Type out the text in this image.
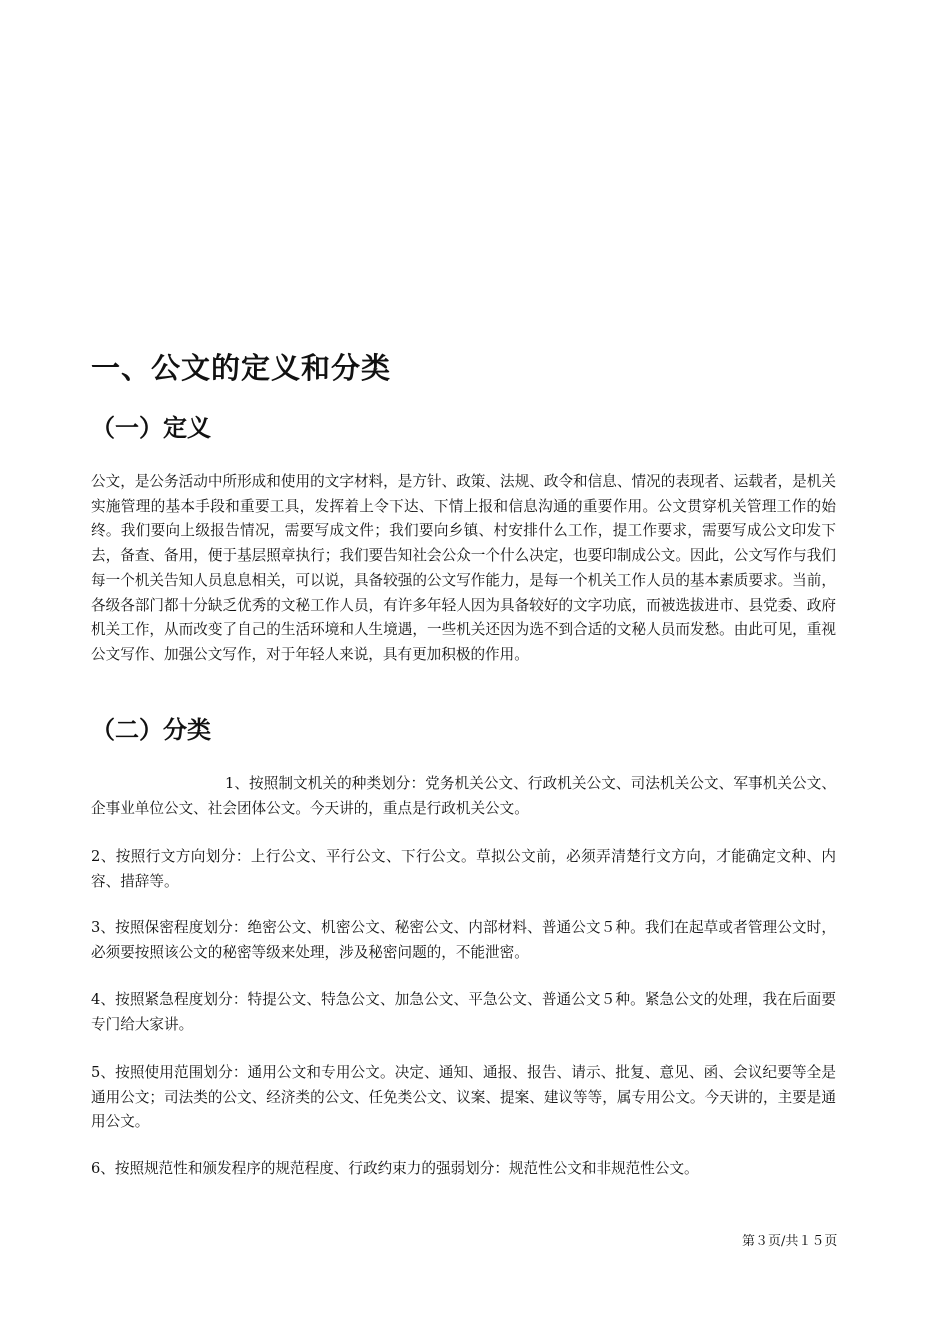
一、公文的定义和分类
（一）定义

公文，是公务活动中所形成和使用的文字材料，是方针、政策、法规、政令和信息、情况的表现者、运载者，是机关实施管理的基本手段和重要工具，发挥着上令下达、下情上报和信息沟通的重要作用。公文贯穿机关管理工作的始终。我们要向上级报告情况，需要写成文件；我们要向乡镇、村安排什么工作，提工作要求，需要写成公文印发下去，备查、备用，便于基层照章执行；我们要告知社会公众一个什么决定，也要印制成公文。因此，公文写作与我们每一个机关告知人员息息相关，可以说，具备较强的公文写作能力，是每一个机关工作人员的基本素质要求。当前，各级各部门都十分缺乏优秀的文秘工作人员，有许多年轻人因为具备较好的文字功底，而被选拔进市、县党委、政府机关工作，从而改变了自己的生活环境和人生境遇，一些机关还因为选不到合适的文秘人员而发愁。由此可见，重视公文写作、加强公文写作，对于年轻人来说，具有更加积极的作用。

（二）分类

1、按照制文机关的种类划分：党务机关公文、行政机关公文、司法机关公文、军事机关公文、企事业单位公文、社会团体公文。今天讲的，重点是行政机关公文。

2、按照行文方向划分：上行公文、平行公文、下行公文。草拟公文前，必须弄清楚行文方向，才能确定文种、内容、措辞等。

3、按照保密程度划分：绝密公文、机密公文、秘密公文、内部材料、普通公文５种。我们在起草或者管理公文时，必须要按照该公文的秘密等级来处理，涉及秘密问题的，不能泄密。

4、按照紧急程度划分：特提公文、特急公文、加急公文、平急公文、普通公文５种。紧急公文的处理，我在后面要专门给大家讲。

5、按照使用范围划分：通用公文和专用公文。决定、通知、通报、报告、请示、批复、意见、函、会议纪要等全是通用公文；司法类的公文、经济类的公文、任免类公文、议案、提案、建议等等，属专用公文。今天讲的，主要是通用公文。

6、按照规范性和颁发程序的规范程度、行政约束力的强弱划分：规范性公文和非规范性公文。

第３页/共１５页
